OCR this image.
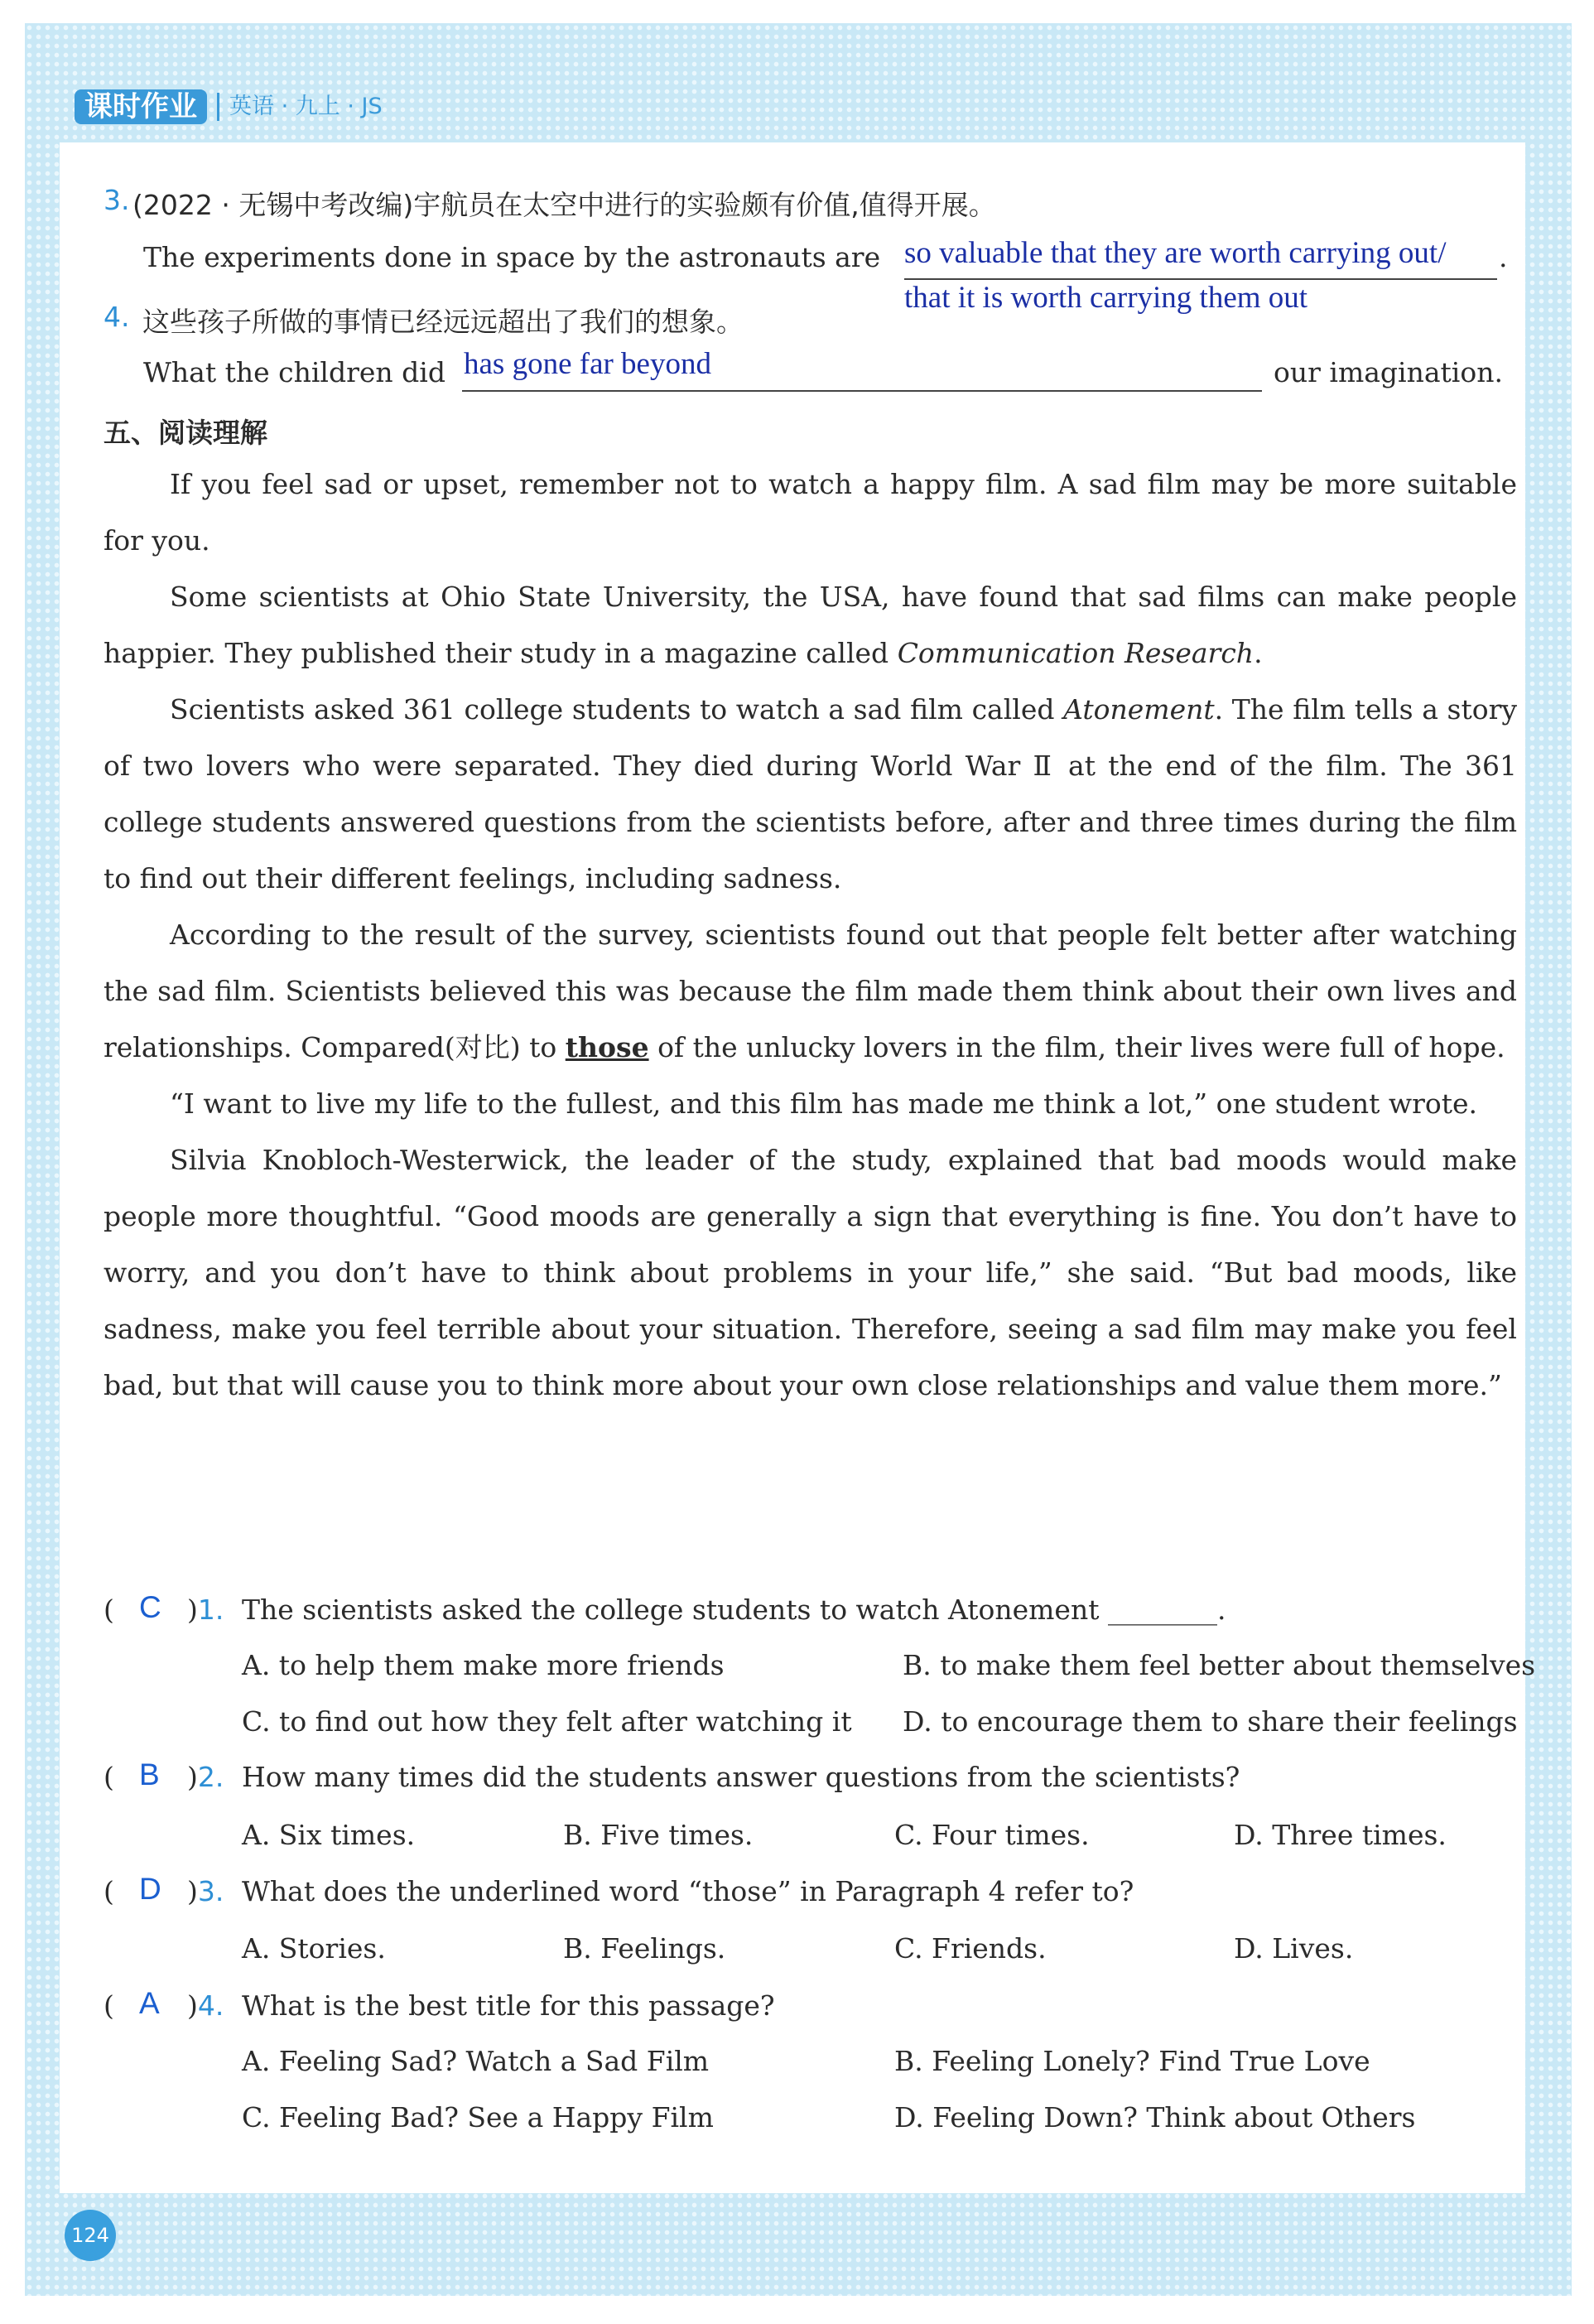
课时作业	英语 · 九上 · JS
3. (2022 · 无锡中考改编)宇航员在太空中进行的实验颇有价值,值得开展。
The experiments done in space by the astronauts are so valuable that they are worth carrying out/ .
that it is worth carrying them out
4. 这些孩子所做的事情已经远远超出了我们的想象。
What the children did has gone far beyond	our imagination.
五、阅读理解

If you feel sad or upset, remember not to watch a happy film. A sad film may be more suitable for you.

Some scientists at Ohio State University, the USA, have found that sad films can make people happier. They published their study in a magazine called Communication Research.

Scientists asked 361 college students to watch a sad film called Atonement. The film tells a story of two lovers who were separated. They died during World War Ⅱ at the end of the film. The 361 college students answered questions from the scientists before, after and three times during the film to find out their different feelings, including sadness.

According to the result of the survey, scientists found out that people felt better after watching the sad film. Scientists believed this was because the film made them think about their own lives and relationships. Compared(对比) to those of the unlucky lovers in the film, their lives were full of hope.

“I want to live my life to the fullest, and this film has made me think a lot,” one student wrote.

Silvia Knobloch-Westerwick, the leader of the study, explained that bad moods would make people more thoughtful. “Good moods are generally a sign that everything is fine. You don’t have to worry, and you don’t have to think about problems in your life,” she said. “But bad moods, like sadness, make you feel terrible about your situation. Therefore, seeing a sad film may make you feel bad, but that will cause you to think more about your own close relationships and value them more.”

( C )1. The scientists asked the college students to watch Atonement ________.
A. to help them make more friends	B. to make them feel better about themselves
C. to find out how they felt after watching it D. to encourage them to share their feelings
( B )2. How many times did the students answer questions from the scientists?
A. Six times.	B. Five times.	C. Four times.	D. Three times.
( D )3. What does the underlined word “those” in Paragraph 4 refer to?
A. Stories.	B. Feelings.	C. Friends.	D. Lives.
( A )4. What is the best title for this passage?
A. Feeling Sad? Watch a Sad Film	B. Feeling Lonely? Find True Love
C. Feeling Bad? See a Happy Film	D. Feeling Down? Think about Others
124
